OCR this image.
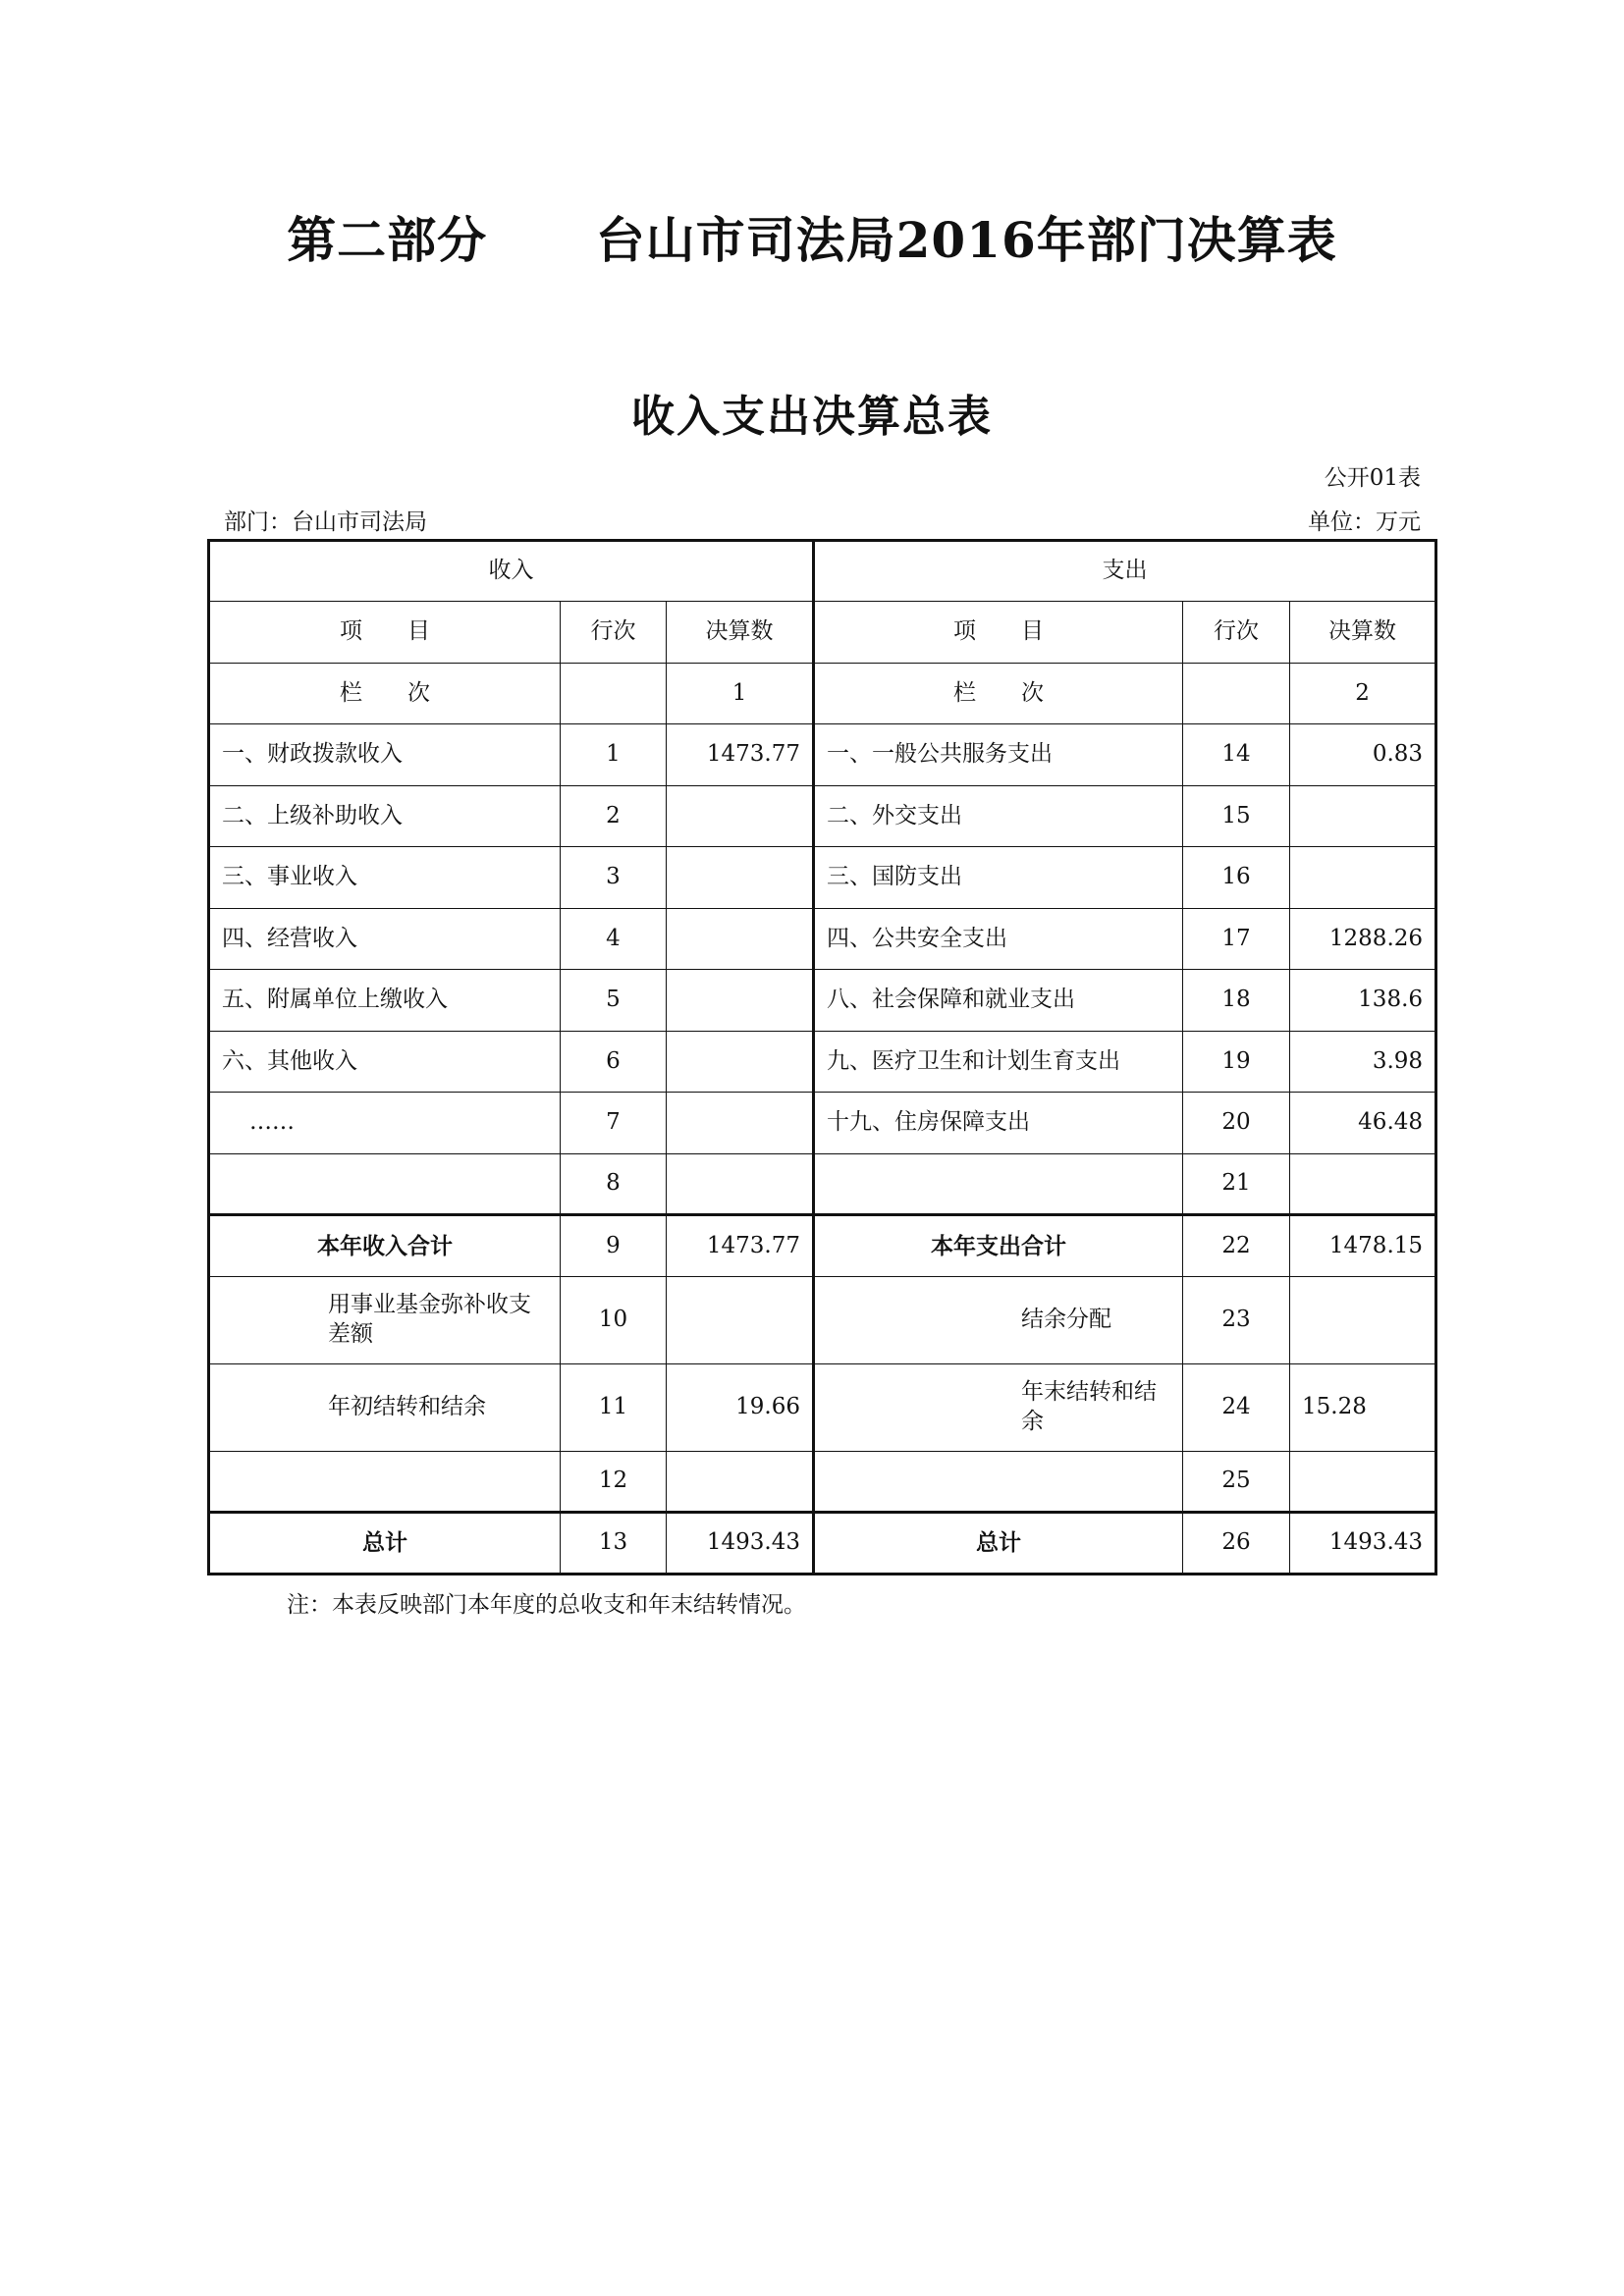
第二部分      台山市司法局2016年部门决算表
收入支出决算总表
公开01表
部门：台山市司法局	单位：万元
收入			支出		
项　　目	行次	决算数	项　　目	行次	决算数
栏　　次		1	栏　　次		2
一、财政拨款收入	1	1473.77	一、一般公共服务支出	14	0.83
二、上级补助收入	2		二、外交支出	15	
三、事业收入	3		三、国防支出	16	
四、经营收入	4		四、公共安全支出	17	1288.26
五、附属单位上缴收入	5		八、社会保障和就业支出	18	138.6
六、其他收入	6		九、医疗卫生和计划生育支出	19	3.98
……	7		十九、住房保障支出	20	46.48
	8			21	
本年收入合计	9	1473.77	本年支出合计	22	1478.15
用事业基金弥补收支差额	10		结余分配	23	
年初结转和结余	11	19.66	年末结转和结余	24	15.28
	12			25	
总计	13	1493.43	总计	26	1493.43
注：本表反映部门本年度的总收支和年末结转情况。
